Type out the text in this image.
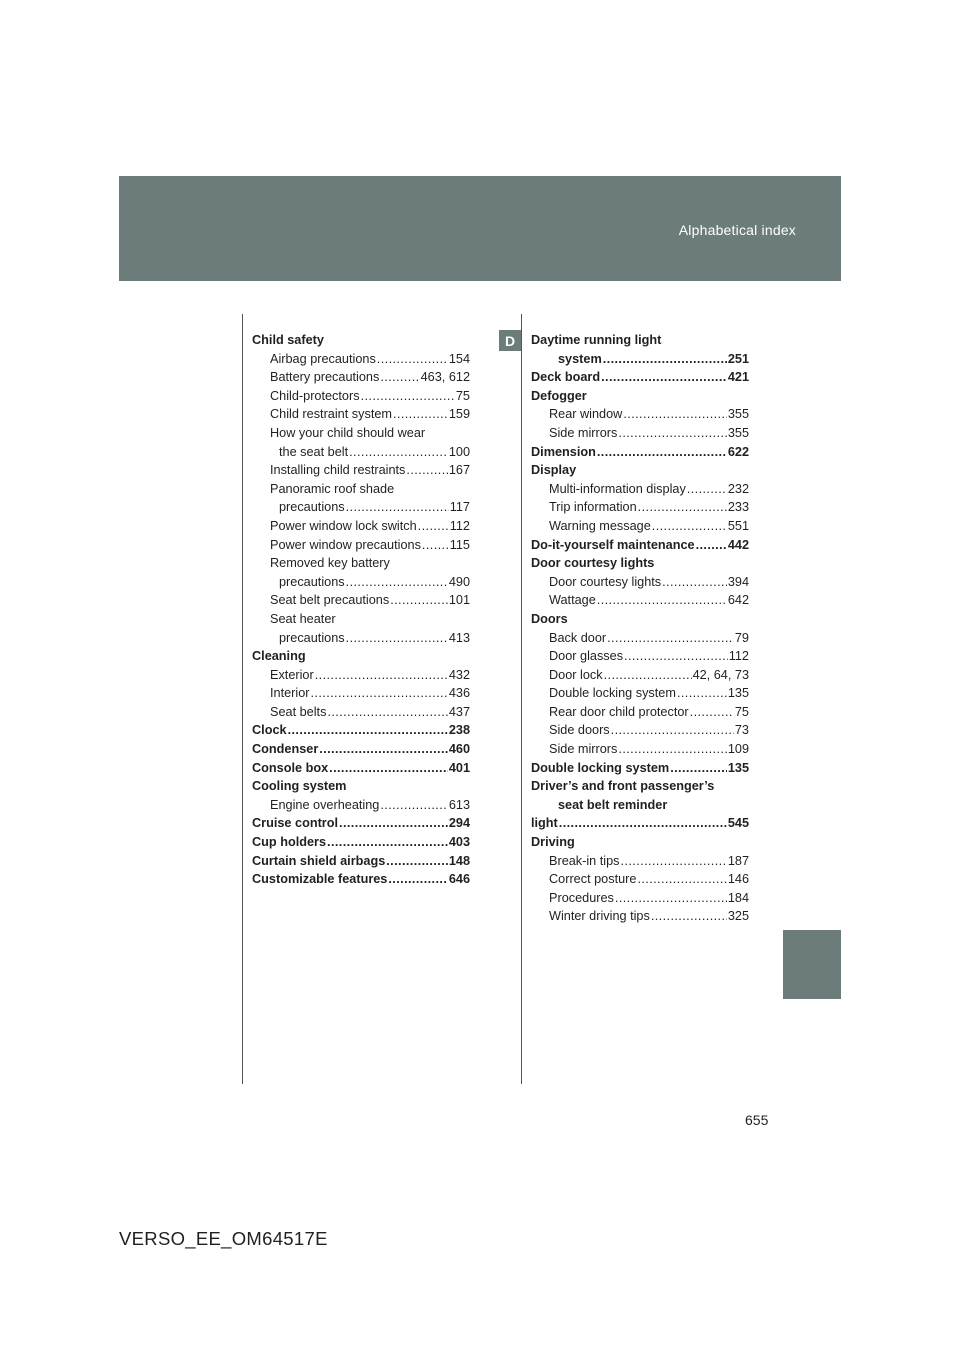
Alphabetical index
D
Child safety
Airbag precautions .....	154
Battery precautions .....	463, 612
Child-protectors .....	75
Child restraint system .....	159
How your child should wear
the seat belt .....	100
Installing child restraints .....	167
Panoramic roof shade
precautions .....	117
Power window lock switch .....	112
Power window precautions ..... 115
Removed key battery
precautions .....	490
Seat belt precautions .....	101
Seat heater
precautions .....	413
Cleaning
Exterior .....	432
Interior .....	436
Seat belts .....	437
Clock .....	238
Condenser .....	460
Console box .....	401
Cooling system
Engine overheating .....	613
Cruise control .....	294
Cup holders .....	403
Curtain shield airbags .....	148
Customizable features .....	646
Daytime running light
system .....	251
Deck board .....	421
Defogger
Rear window .....	355
Side mirrors .....	355
Dimension .....	622
Display
Multi-information display .....	232
Trip information .....	233
Warning message .....	551
Do-it-yourself maintenance .....	442
Door courtesy lights
Door courtesy lights .....	394
Wattage .....	642
Doors
Back door .....	79
Door glasses .....	112
Door lock .....	42, 64, 73
Double locking system .....	135
Rear door child protector .....	75
Side doors .....	73
Side mirrors .....	109
Double locking system .....	135
Driver’s and front passenger’s
seat belt reminder
light .....	545
Driving
Break-in tips .....	187
Correct posture .....	146
Procedures .....	184
Winter driving tips .....	325
655
VERSO_EE_OM64517E
